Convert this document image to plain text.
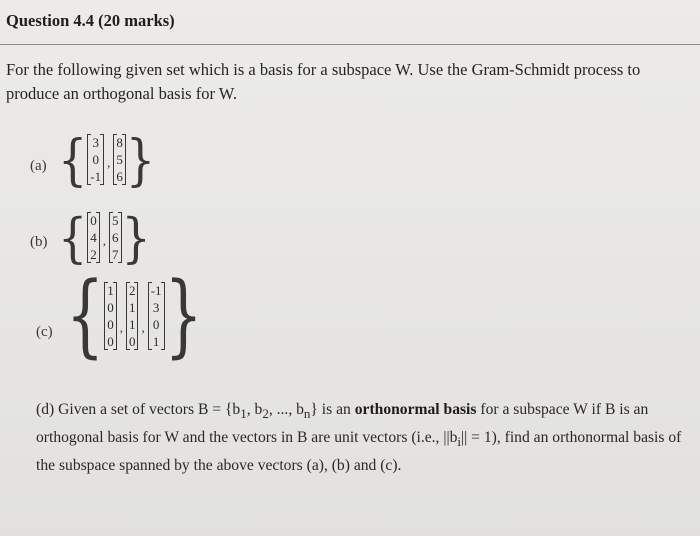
Question 4.4 (20 marks)
For the following given set which is a basis for a subspace W. Use the Gram-Schmidt process to produce an orthogonal basis for W.
(a) { 3
0
-1
,
8
5
6 }
(b) { 0
4
2
,
5
6
7 }
(c) { 1
0
0
0
,
2
1
1
0
,
-1
3
0
1 }
(d) Given a set of vectors $B = \{b_1$, $b_2$, ..., $b_n$} is an orthonormal basis for a subspace W if B is an orthogonal basis for W and the vectors in B are unit vectors (i.e., $||b_i|| = 1$), find an orthonormal basis of the subspace spanned by the above vectors (a), (b) and (c).
